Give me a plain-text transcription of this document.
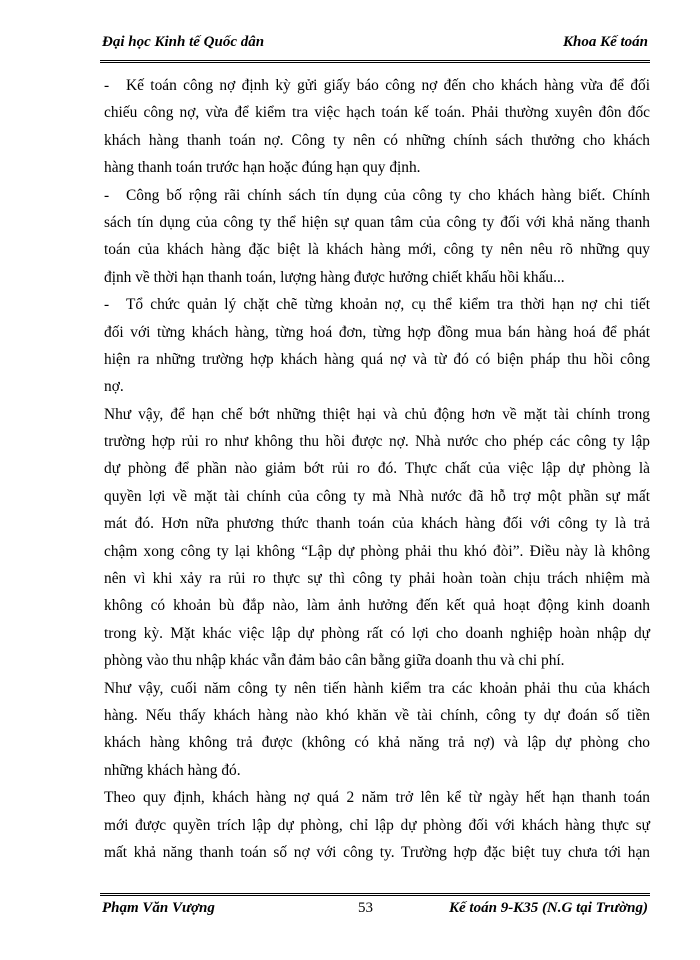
Đại học Kinh tế Quốc dân	Khoa Kế toán
- Kế toán công nợ định kỳ gửi giấy báo công nợ đến cho khách hàng vừa để đối
chiếu công nợ, vừa để kiểm tra việc hạch toán kế toán. Phải thường xuyên đôn đốc
khách hàng thanh toán nợ. Công ty nên có những chính sách thưởng cho khách
hàng thanh toán trước hạn hoặc đúng hạn quy định.
- Công bố rộng rãi chính sách tín dụng của công ty cho khách hàng biết. Chính
sách tín dụng của công ty thể hiện sự quan tâm của công ty đối với khả năng thanh
toán của khách hàng đặc biệt là khách hàng mới, công ty nên nêu rõ những quy
định về thời hạn thanh toán, lượng hàng được hưởng chiết khấu hồi khấu...
- Tổ chức quản lý chặt chẽ từng khoản nợ, cụ thể kiểm tra thời hạn nợ chi tiết
đối với từng khách hàng, từng hoá đơn, từng hợp đồng mua bán hàng hoá để phát
hiện ra những trường hợp khách hàng quá nợ và từ đó có biện pháp thu hồi công
nợ.
Như vậy, để hạn chế bớt những thiệt hại và chủ động hơn về mặt tài chính trong
trường hợp rủi ro như không thu hồi được nợ. Nhà nước cho phép các công ty lập
dự phòng để phần nào giảm bớt rủi ro đó. Thực chất của việc lập dự phòng là
quyền lợi về mặt tài chính của công ty mà Nhà nước đã hỗ trợ một phần sự mất
mát đó. Hơn nữa phương thức thanh toán của khách hàng đối với công ty là trả
chậm xong công ty lại không “Lập dự phòng phải thu khó đòi”. Điều này là không
nên vì khi xảy ra rủi ro thực sự thì công ty phải hoàn toàn chịu trách nhiệm mà
không có khoản bù đắp nào, làm ảnh hưởng đến kết quả hoạt động kinh doanh
trong kỳ. Mặt khác việc lập dự phòng rất có lợi cho doanh nghiệp hoàn nhập dự
phòng vào thu nhập khác vẫn đảm bảo cân bằng giữa doanh thu và chi phí.
Như vậy, cuối năm công ty nên tiến hành kiểm tra các khoản phải thu của khách
hàng. Nếu thấy khách hàng nào khó khăn về tài chính, công ty dự đoán số tiền
khách hàng không trả được (không có khả năng trả nợ) và lập dự phòng cho
những khách hàng đó.
Theo quy định, khách hàng nợ quá 2 năm trở lên kể từ ngày hết hạn thanh toán
mới được quyền trích lập dự phòng, chỉ lập dự phòng đối với khách hàng thực sự
mất khả năng thanh toán số nợ với công ty. Trường hợp đặc biệt tuy chưa tới hạn
Phạm Văn Vượng	53	Kế toán 9-K35 (N.G tại Trường)
